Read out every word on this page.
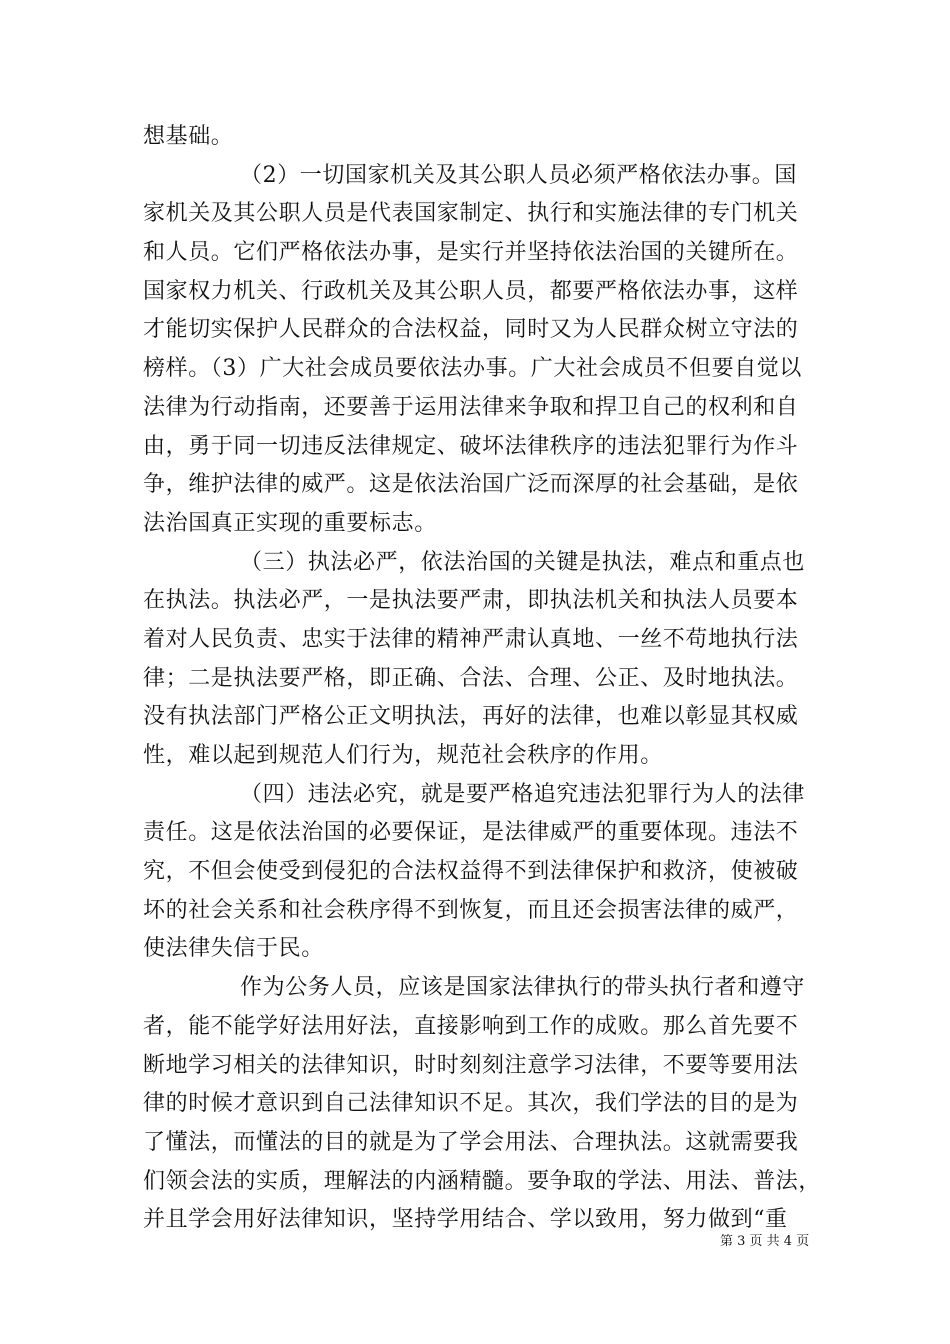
想基础。
（2）一切国家机关及其公职人员必须严格依法办事。国
家机关及其公职人员是代表国家制定、执行和实施法律的专门机关
和人员。它们严格依法办事，是实行并坚持依法治国的关键所在。
国家权力机关、行政机关及其公职人员，都要严格依法办事，这样
才能切实保护人民群众的合法权益，同时又为人民群众树立守法的
榜样。（3）广大社会成员要依法办事。广大社会成员不但要自觉以
法律为行动指南，还要善于运用法律来争取和捍卫自己的权利和自
由，勇于同一切违反法律规定、破坏法律秩序的违法犯罪行为作斗
争，维护法律的威严。这是依法治国广泛而深厚的社会基础，是依
法治国真正实现的重要标志。
（三）执法必严，依法治国的关键是执法，难点和重点也
在执法。执法必严，一是执法要严肃，即执法机关和执法人员要本
着对人民负责、忠实于法律的精神严肃认真地、一丝不苟地执行法
律；二是执法要严格，即正确、合法、合理、公正、及时地执法。
没有执法部门严格公正文明执法，再好的法律，也难以彰显其权威
性，难以起到规范人们行为，规范社会秩序的作用。
（四）违法必究，就是要严格追究违法犯罪行为人的法律
责任。这是依法治国的必要保证，是法律威严的重要体现。违法不
究，不但会使受到侵犯的合法权益得不到法律保护和救济，使被破
坏的社会关系和社会秩序得不到恢复，而且还会损害法律的威严，
使法律失信于民。
作为公务人员，应该是国家法律执行的带头执行者和遵守
者，能不能学好法用好法，直接影响到工作的成败。那么首先要不
断地学习相关的法律知识，时时刻刻注意学习法律，不要等要用法
律的时候才意识到自己法律知识不足。其次，我们学法的目的是为
了懂法，而懂法的目的就是为了学会用法、合理执法。这就需要我
们领会法的实质，理解法的内涵精髓。要争取的学法、用法、普法，
并且学会用好法律知识，坚持学用结合、学以致用，努力做到“重
第 3 页 共 4 页
